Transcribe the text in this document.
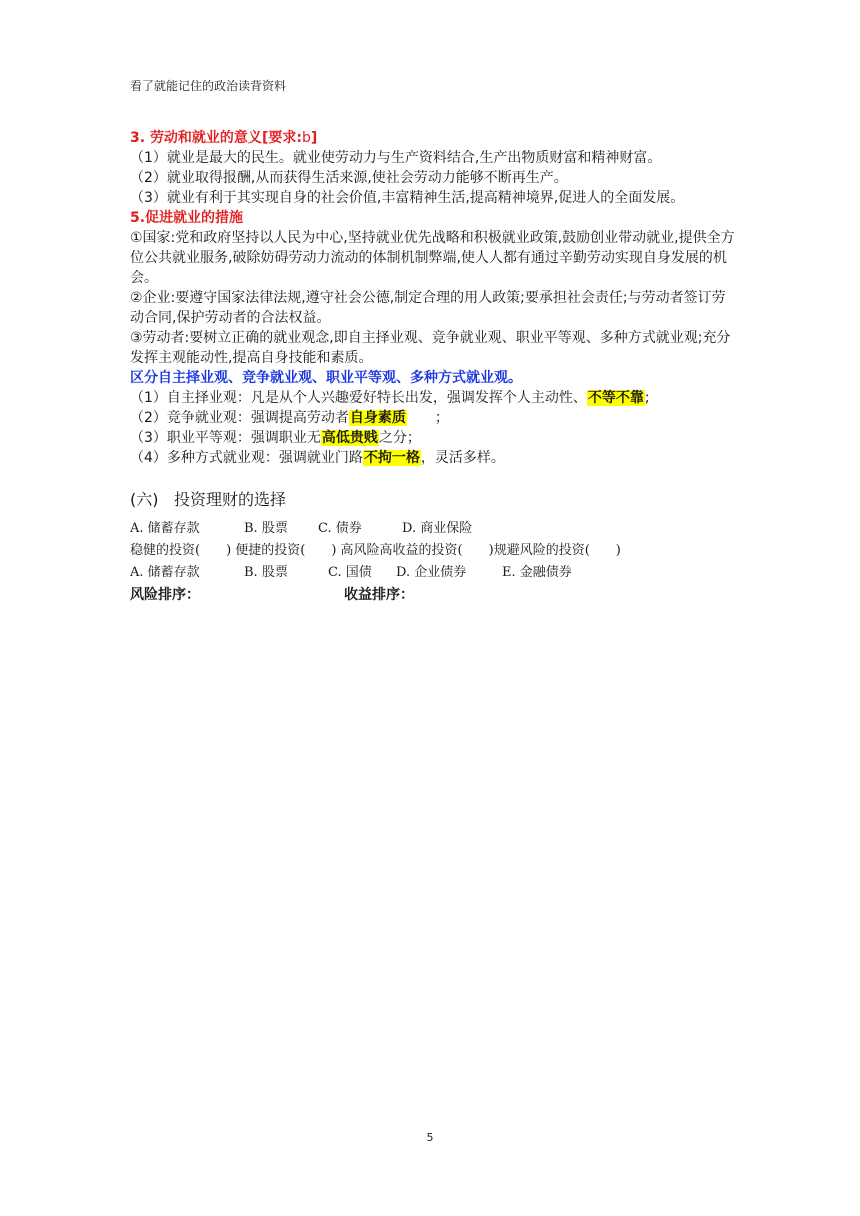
看了就能记住的政治读背资料
3. 劳动和就业的意义[要求:b]
（1）就业是最大的民生。就业使劳动力与生产资料结合,生产出物质财富和精神财富。
（2）就业取得报酬,从而获得生活来源,使社会劳动力能够不断再生产。
（3）就业有利于其实现自身的社会价值,丰富精神生活,提高精神境界,促进人的全面发展。
5.促进就业的措施
①国家:党和政府坚持以人民为中心,坚持就业优先战略和积极就业政策,鼓励创业带动就业,提供全方位公共就业服务,破除妨碍劳动力流动的体制机制弊端,使人人都有通过辛勤劳动实现自身发展的机会。
②企业:要遵守国家法律法规,遵守社会公德,制定合理的用人政策;要承担社会责任;与劳动者签订劳动合同,保护劳动者的合法权益。
③劳动者:要树立正确的就业观念,即自主择业观、竞争就业观、职业平等观、多种方式就业观;充分发挥主观能动性,提高自身技能和素质。
区分自主择业观、竞争就业观、职业平等观、多种方式就业观。
（1）自主择业观：凡是从个人兴趣爱好特长出发，强调发挥个人主动性、不等不靠;
（2）竞争就业观：强调提高劳动者自身素质 ；
（3）职业平等观：强调职业无高低贵贱之分；
（4）多种方式就业观：强调就业门路不拘一格，灵活多样。
(六) 投资理财的选择
A. 储蓄存款	B. 股票 C. 债券	D. 商业保险
稳健的投资(　　) 便捷的投资(　　) 高风险高收益的投资(　　)规避风险的投资(　　)
A. 储蓄存款	B. 股票	C. 国债 D. 企业债券	E. 金融债券
风险排序：	收益排序：
5
